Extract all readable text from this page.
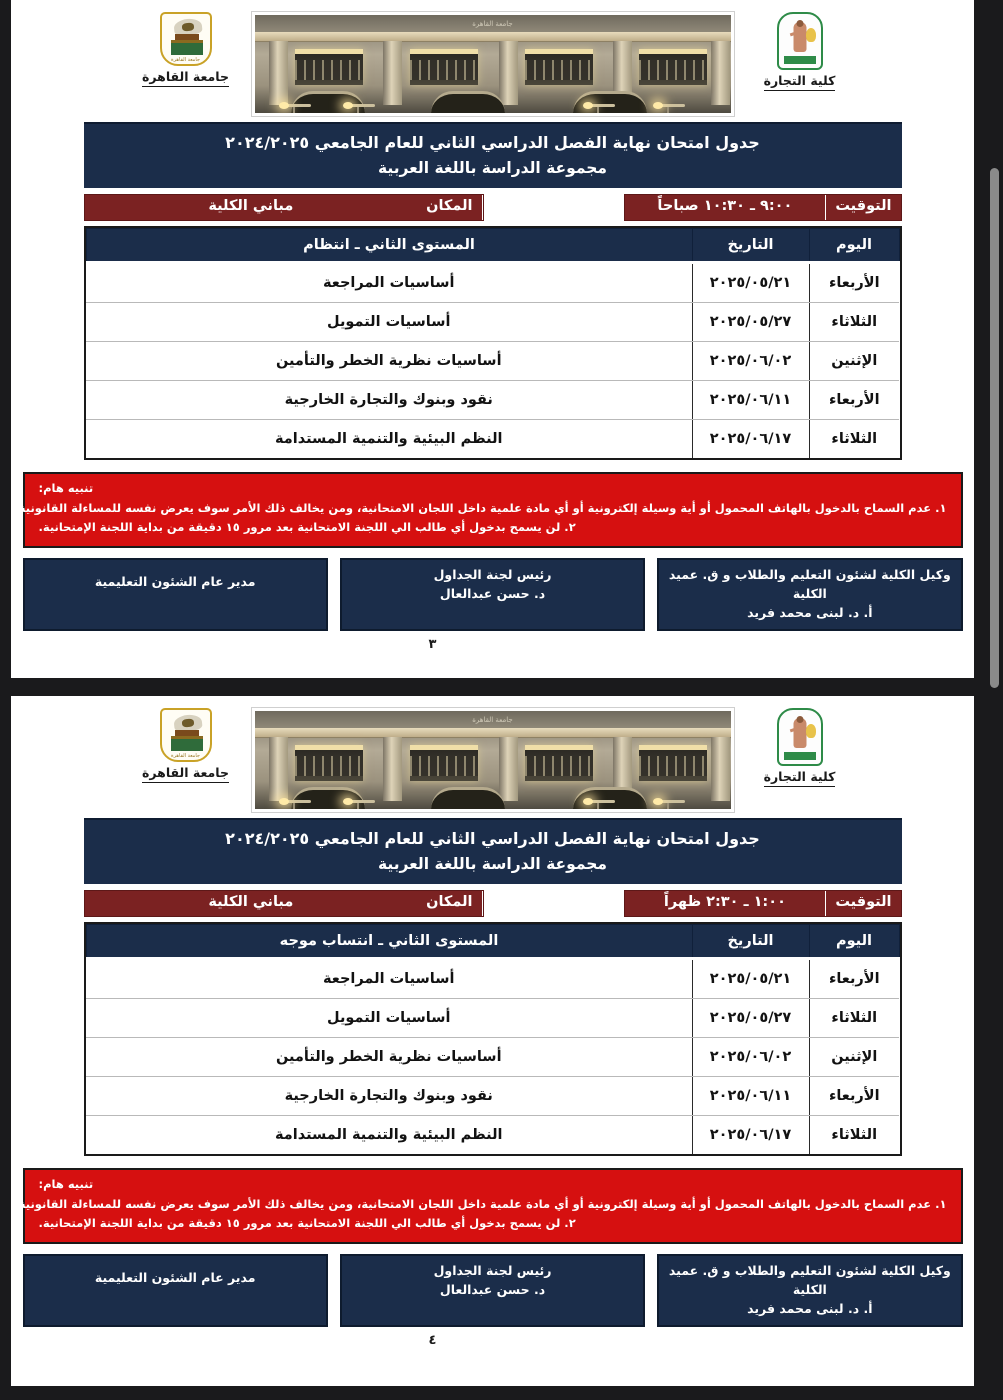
كلية التجارة
جامعة القاهرة
جامعة القاهرة
جامعة القاهرة
جدول امتحان نهاية الفصل الدراسي الثاني للعام الجامعي ٢٠٢٤/٢٠٢٥
مجموعة الدراسة باللغة العربية
التوقيت
٩:٠٠ ـ ١٠:٣٠ صباحاً
المكان
مباني الكلية
اليوم	التاريخ	المستوى الثاني ـ انتظام
الأربعاء	٢٠٢٥/٠٥/٢١	أساسيات المراجعة
الثلاثاء	٢٠٢٥/٠٥/٢٧	أساسيات التمويل
الإثنين	٢٠٢٥/٠٦/٠٢	أساسيات نظرية الخطر والتأمين
الأربعاء	٢٠٢٥/٠٦/١١	نقود وبنوك والتجارة الخارجية
الثلاثاء	٢٠٢٥/٠٦/١٧	النظم البيئية والتنمية المستدامة
تنبيه هام:
١. عدم السماح بالدخول بالهاتف المحمول أو أية وسيلة إلكترونية أو أي مادة علمية داخل اللجان الامتحانية، ومن يخالف ذلك الأمر سوف يعرض نفسه للمساءلة القانونية.
٢. لن يسمح بدخول أي طالب الي اللجنة الامتحانية بعد مرور ١٥ دقيقة من بداية اللجنة الإمتحانية.
وكيل الكلية لشئون التعليم والطلاب و ق. عميد الكلية
أ. د. لبنى محمد فريد
رئيس لجنة الجداول
د. حسن عبدالعال
مدير عام الشئون التعليمية
٣
كلية التجارة
جامعة القاهرة
جامعة القاهرة
جامعة القاهرة
جدول امتحان نهاية الفصل الدراسي الثاني للعام الجامعي ٢٠٢٤/٢٠٢٥
مجموعة الدراسة باللغة العربية
التوقيت
١:٠٠ ـ ٢:٣٠ ظهراً
المكان
مباني الكلية
اليوم	التاريخ	المستوى الثاني ـ انتساب موجه
الأربعاء	٢٠٢٥/٠٥/٢١	أساسيات المراجعة
الثلاثاء	٢٠٢٥/٠٥/٢٧	أساسيات التمويل
الإثنين	٢٠٢٥/٠٦/٠٢	أساسيات نظرية الخطر والتأمين
الأربعاء	٢٠٢٥/٠٦/١١	نقود وبنوك والتجارة الخارجية
الثلاثاء	٢٠٢٥/٠٦/١٧	النظم البيئية والتنمية المستدامة
تنبيه هام:
١. عدم السماح بالدخول بالهاتف المحمول أو أية وسيلة إلكترونية أو أي مادة علمية داخل اللجان الامتحانية، ومن يخالف ذلك الأمر سوف يعرض نفسه للمساءلة القانونية.
٢. لن يسمح بدخول أي طالب الي اللجنة الامتحانية بعد مرور ١٥ دقيقة من بداية اللجنة الإمتحانية.
وكيل الكلية لشئون التعليم والطلاب و ق. عميد الكلية
أ. د. لبنى محمد فريد
رئيس لجنة الجداول
د. حسن عبدالعال
مدير عام الشئون التعليمية
٤
